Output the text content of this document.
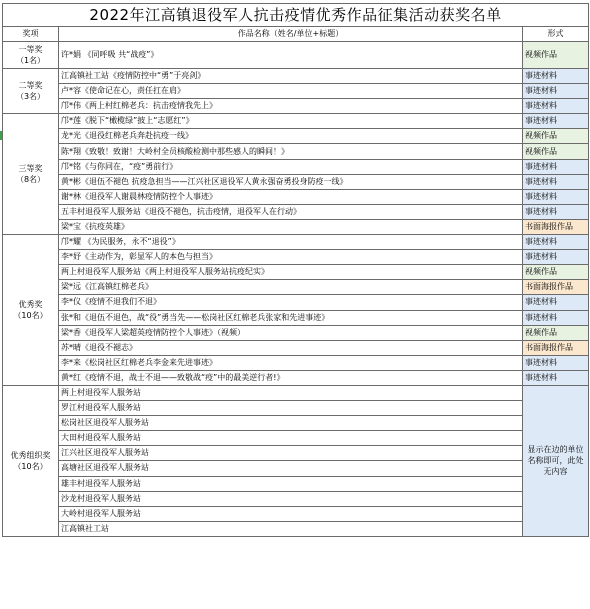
2022年江高镇退役军人抗击疫情优秀作品征集活动获奖名单		
奖项	作品名称（姓名/单位+标题）	形式
一等奖
（1名）	许*娟 《同呼吸 共“战疫”》	视频作品
二等奖
（3名）	江高镇社工站《疫情防控中“勇”于亮剑》	事迹材料
	卢*容《使命记在心，责任扛在肩》	事迹材料
	邝*伟《两上村红棉老兵：抗击疫情我先上》	事迹材料
三等奖
（8名）	邝*莲《脱下“橄榄绿”披上“志愿红”》	事迹材料
	龙*光《退役红棉老兵奔赴抗疫一线》	视频作品
	陈*翔《致敬！致谢！大岭村全员核酸检测中那些感人的瞬间！》	视频作品
	邝*铭《与你同在，“疫”勇前行》	事迹材料
	黄*彬《退伍不褪色 抗疫急担当——江兴社区退役军人黄永强奋勇投身防疫一线》	事迹材料
	谢*林《退役军人谢晨林疫情防控个人事迹》	事迹材料
	五丰村退役军人服务站《退役不褪色，抗击疫情，退役军人在行动》	事迹材料
	梁*宝《抗疫英雄》	书面海报作品
优秀奖
（10名）	邝*耀 《为民服务，永不“退役”》	事迹材料
	李*妤《主动作为，彰显军人的本色与担当》	事迹材料
	两上村退役军人服务站《两上村退役军人服务站抗疫纪实》	视频作品
	梁*远《江高镇红棉老兵》	书面海报作品
	李*仪《疫情不退我们不退》	事迹材料
	张*和《退伍不退色，战“役”勇当先——松岗社区红棉老兵张家和先进事迹》	事迹材料
	梁*香《退役军人梁超英疫情防控个人事迹》（视频）	视频作品
	苏*晴《退役不褪志》	书面海报作品
	李*来《松岗社区红棉老兵李金来先进事迹》	事迹材料
	黄*红《疫情不退，战士不退——致敬战“疫”中的最美逆行者!》	事迹材料
优秀组织奖
（10名）	两上村退役军人服务站	显示在边的单位名称即可，此处无内容
	罗江村退役军人服务站	
	松岗社区退役军人服务站	
	大田村退役军人服务站	
	江兴社区退役军人服务站	
	高塘社区退役军人服务站	
	雄丰村退役军人服务站	
	沙龙村退役军人服务站	
	大岭村退役军人服务站	
	江高镇社工站	
